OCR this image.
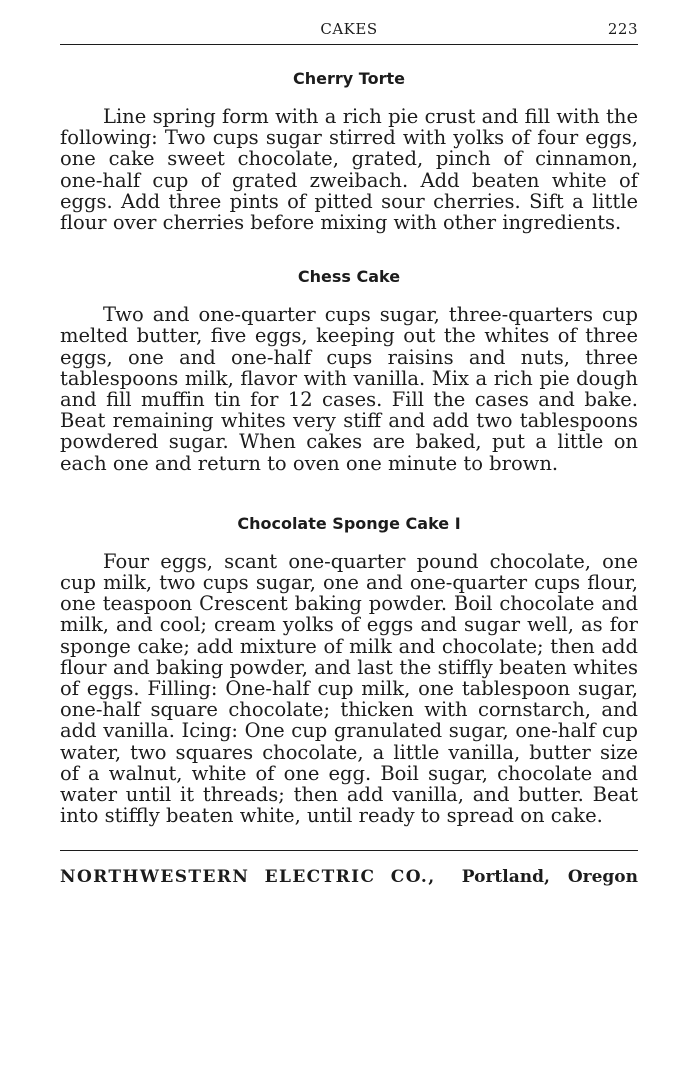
CAKES	223
Cherry Torte

Line spring form with a rich pie crust and fill with the following: Two cups sugar stirred with yolks of four eggs, one cake sweet chocolate, grated, pinch of cinnamon, one-half cup of grated zweibach. Add beaten white of eggs. Add three pints of pitted sour cherries. Sift a little flour over cherries before mixing with other ingredients.

Chess Cake

Two and one-quarter cups sugar, three-quarters cup melted butter, five eggs, keeping out the whites of three eggs, one and one-half cups raisins and nuts, three tablespoons milk, flavor with vanilla. Mix a rich pie dough and fill muffin tin for 12 cases. Fill the cases and bake. Beat remaining whites very stiff and add two tablespoons powdered sugar. When cakes are baked, put a little on each one and return to oven one minute to brown.

Chocolate Sponge Cake I

Four eggs, scant one-quarter pound chocolate, one cup milk, two cups sugar, one and one-quarter cups flour, one teaspoon Crescent baking powder. Boil chocolate and milk, and cool; cream yolks of eggs and sugar well, as for sponge cake; add mixture of milk and chocolate; then add flour and baking powder, and last the stiffly beaten whites of eggs. Filling: One-half cup milk, one tablespoon sugar, one-half square chocolate; thicken with cornstarch, and add vanilla. Icing: One cup granulated sugar, one-half cup water, two squares chocolate, a little vanilla, butter size of a walnut, white of one egg. Boil sugar, chocolate and water until it threads; then add vanilla, and butter. Beat into stiffly beaten white, until ready to spread on cake.

NORTHWESTERN ELECTRIC CO., Portland, Oregon
